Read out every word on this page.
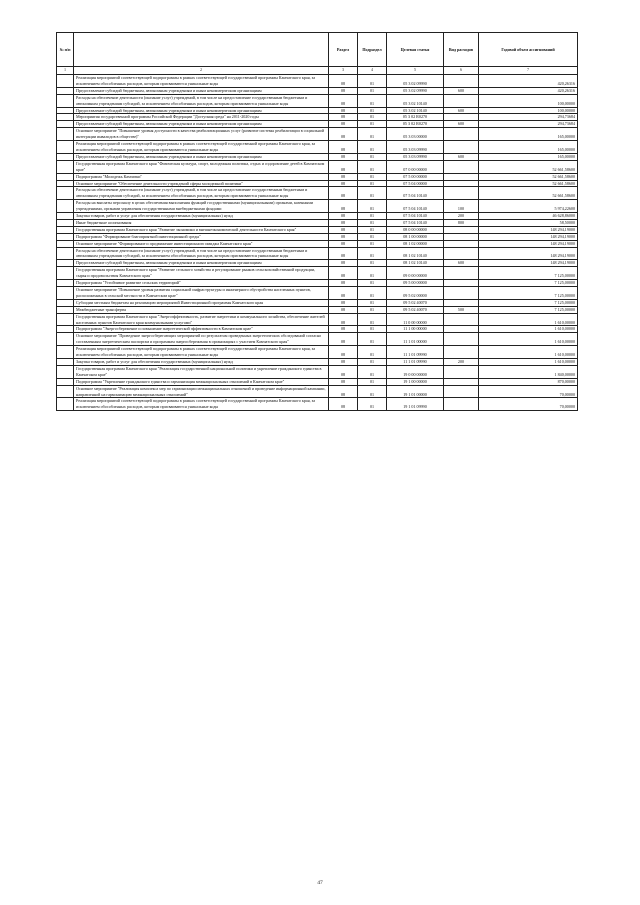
№ п/п		Раздел	Подраздел	Целевая статья	Вид расходов	Годовой объем ассигнований
1	2	3	4	5	6	7

	Реализация мероприятий соответствующей подпрограммы в рамках соответствующей государственной программы Камчатского края, за исключением обособленных расходов, которым присваиваются уникальные коды	08	01	05 3 02 09990		420,26316

	Предоставление субсидий бюджетным, автономным учреждениям и иным некоммерческим организациям	08	01	05 3 02 09990	600	420,26316

	Расходы на обеспечение деятельности (оказание услуг) учреждений, в том числе на предоставление государственным бюджетным и автономным учреждениям субсидий, за исключением обособленных расходов, которым присваиваются уникальные коды	08	01	05 3 02 10140		100,00000

	Предоставление субсидий бюджетным, автономным учреждениям и иным некоммерческим организациям	08	01	05 3 02 10140	600	100,00000

	Мероприятия государственной программы Российской Федерации "Доступная среда" на 2011-2020 годы	08	01	05 3 02 R0270		294,73684

	Предоставление субсидий бюджетным, автономным учреждениям и иным некоммерческим организациям	08	01	05 3 02 R0270	600	294,73684

	Основное мероприятие "Повышение уровня доступности в качества реабилитационных услуг (развитие системы реабилитации в социальной интеграции инвалидов в обществе)"	08	01	05 3 03 00000		165,00000

	Реализация мероприятий соответствующей подпрограммы в рамках соответствующей государственной программы Камчатского края, за исключением обособленных расходов, которым присваиваются уникальные коды	08	01	05 3 03 09990		165,00000

	Предоставление субсидий бюджетным, автономным учреждениям и иным некоммерческим организациям	08	01	05 3 03 09990	600	165,00000

	Государственная программа Камчатского края "Физическая культура, спорт, молодежная политика, отдых и оздоровление детей в Камчатском крае"	08	01	07 0 00 00000		52 661,58600

	Подпрограмма "Молодежь Камчатки"	08	01	07 5 00 00000		52 661,58600

	Основное мероприятие "Обеспечение деятельности учреждений сферы молодежной политики"	08	01	07 5 04 00000		52 661,58600

	Расходы на обеспечение деятельности (оказание услуг) учреждений, в том числе на предоставление государственным бюджетным и автономным учреждениям субсидий, за исключением обособленных расходов, которым присваиваются уникальные коды	08	01	07 5 04 10140		52 661,58600

	Расходы на выплаты персоналу в целях обеспечения выполнения функций государственными (муниципальными) органами, казенными учреждениями, органами управления государственными внебюджетными фондами	08	01	07 5 04 10140	100	5 974,22600

	Закупка товаров, работ и услуг для обеспечения государственных (муниципальных) нужд	08	01	07 5 04 10140	200	46 628,86000

	Иные бюджетные ассигнования	08	01	07 5 04 10140	800	58,50000

	Государственная программа Камчатского края "Развитие экономики и внешнеэкономической деятельности Камчатского края"	08	01	08 0 00 00000		148 294,19000

	Подпрограмма "Формирование благоприятной инвестиционной среды"	08	01	08 1 00 00000		148 294,19000

	Основное мероприятие "Формирование и продвижение инвестиционного имиджа Камчатского края"	08	01	08 1 02 00000		148 294,19000

	Расходы на обеспечение деятельности (оказание услуг) учреждений, в том числе на предоставление государственным бюджетным и автономным учреждениям субсидий, за исключением обособленных расходов, которым присваиваются уникальные коды	08	01	08 1 02 10140		148 294,19000

	Предоставление субсидий бюджетным, автономным учреждениям и иным некоммерческим организациям	08	01	08 1 02 10140	600	148 294,19000

	Государственная программа Камчатского края "Развитие сельского хозяйства и регулирование рынков сельскохозяйственной продукции, сырья и продовольствия Камчатского края"	08	01	09 0 00 00000		7 125,00000

	Подпрограмма "Устойчивое развитие сельских территорий"	08	01	09 5 00 00000		7 125,00000

	Основное мероприятие "Повышение уровня развития социальной инфраструктуры и инженерного обустройства населенных пунктов, расположенных в сельской местности в Камчатском крае"	08	01	09 5 02 00000		7 125,00000

	Субсидии местным бюджетам на реализацию мероприятий Инвестиционной программы Камчатского края	08	01	09 5 02 40070		7 125,00000

	Межбюджетные трансферты	08	01	09 5 02 40070	500	7 125,00000

	Государственная программа Камчатского края "Энергоэффективность, развитие энергетики и коммунального хозяйства, обеспечение жителей населенных пунктов Камчатского края коммунальными услугами"	08	01	11 0 00 00000		1 610,00000

	Подпрограмма "Энергосбережение и повышение энергетической эффективности в Камчатском крае"	08	01	11 1 00 00000		1 610,00000

	Основное мероприятие "Проведение энергосберегающих мероприятий по результатам проведенных энергетических обследований согласно составленным энергетическим паспортам и программам энергосбережения в организациях с участием Камчатского края"	08	01	11 1 01 00000		1 610,00000

	Реализация мероприятий соответствующей подпрограммы в рамках соответствующей государственной программы Камчатского края, за исключением обособленных расходов, которым присваиваются уникальные коды	08	01	11 1 01 09990		1 610,00000

	Закупка товаров, работ и услуг для обеспечения государственных (муниципальных) нужд	08	01	11 1 01 09990	200	1 610,00000

	Государственная программа Камчатского края "Реализация государственной национальной политики и укрепление гражданского единства в Камчатском крае"	08	01	19 0 00 00000		1 840,00000

	Подпрограмма "Укрепление гражданского единства и гармонизация межнациональных отношений в Камчатском крае"	08	01	19 1 00 00000		870,00000

	Основное мероприятие "Реализация комплекса мер по гармонизации межнациональных отношений и проведение информационной кампании, направленной на гармонизацию межнациональных отношений"	08	01	19 1 01 00000		70,00000

	Реализация мероприятий соответствующей подпрограммы в рамках соответствующей государственной программы Камчатского края, за исключением обособленных расходов, которым присваиваются уникальные коды	08	01	19 1 01 09990		70,00000
47
